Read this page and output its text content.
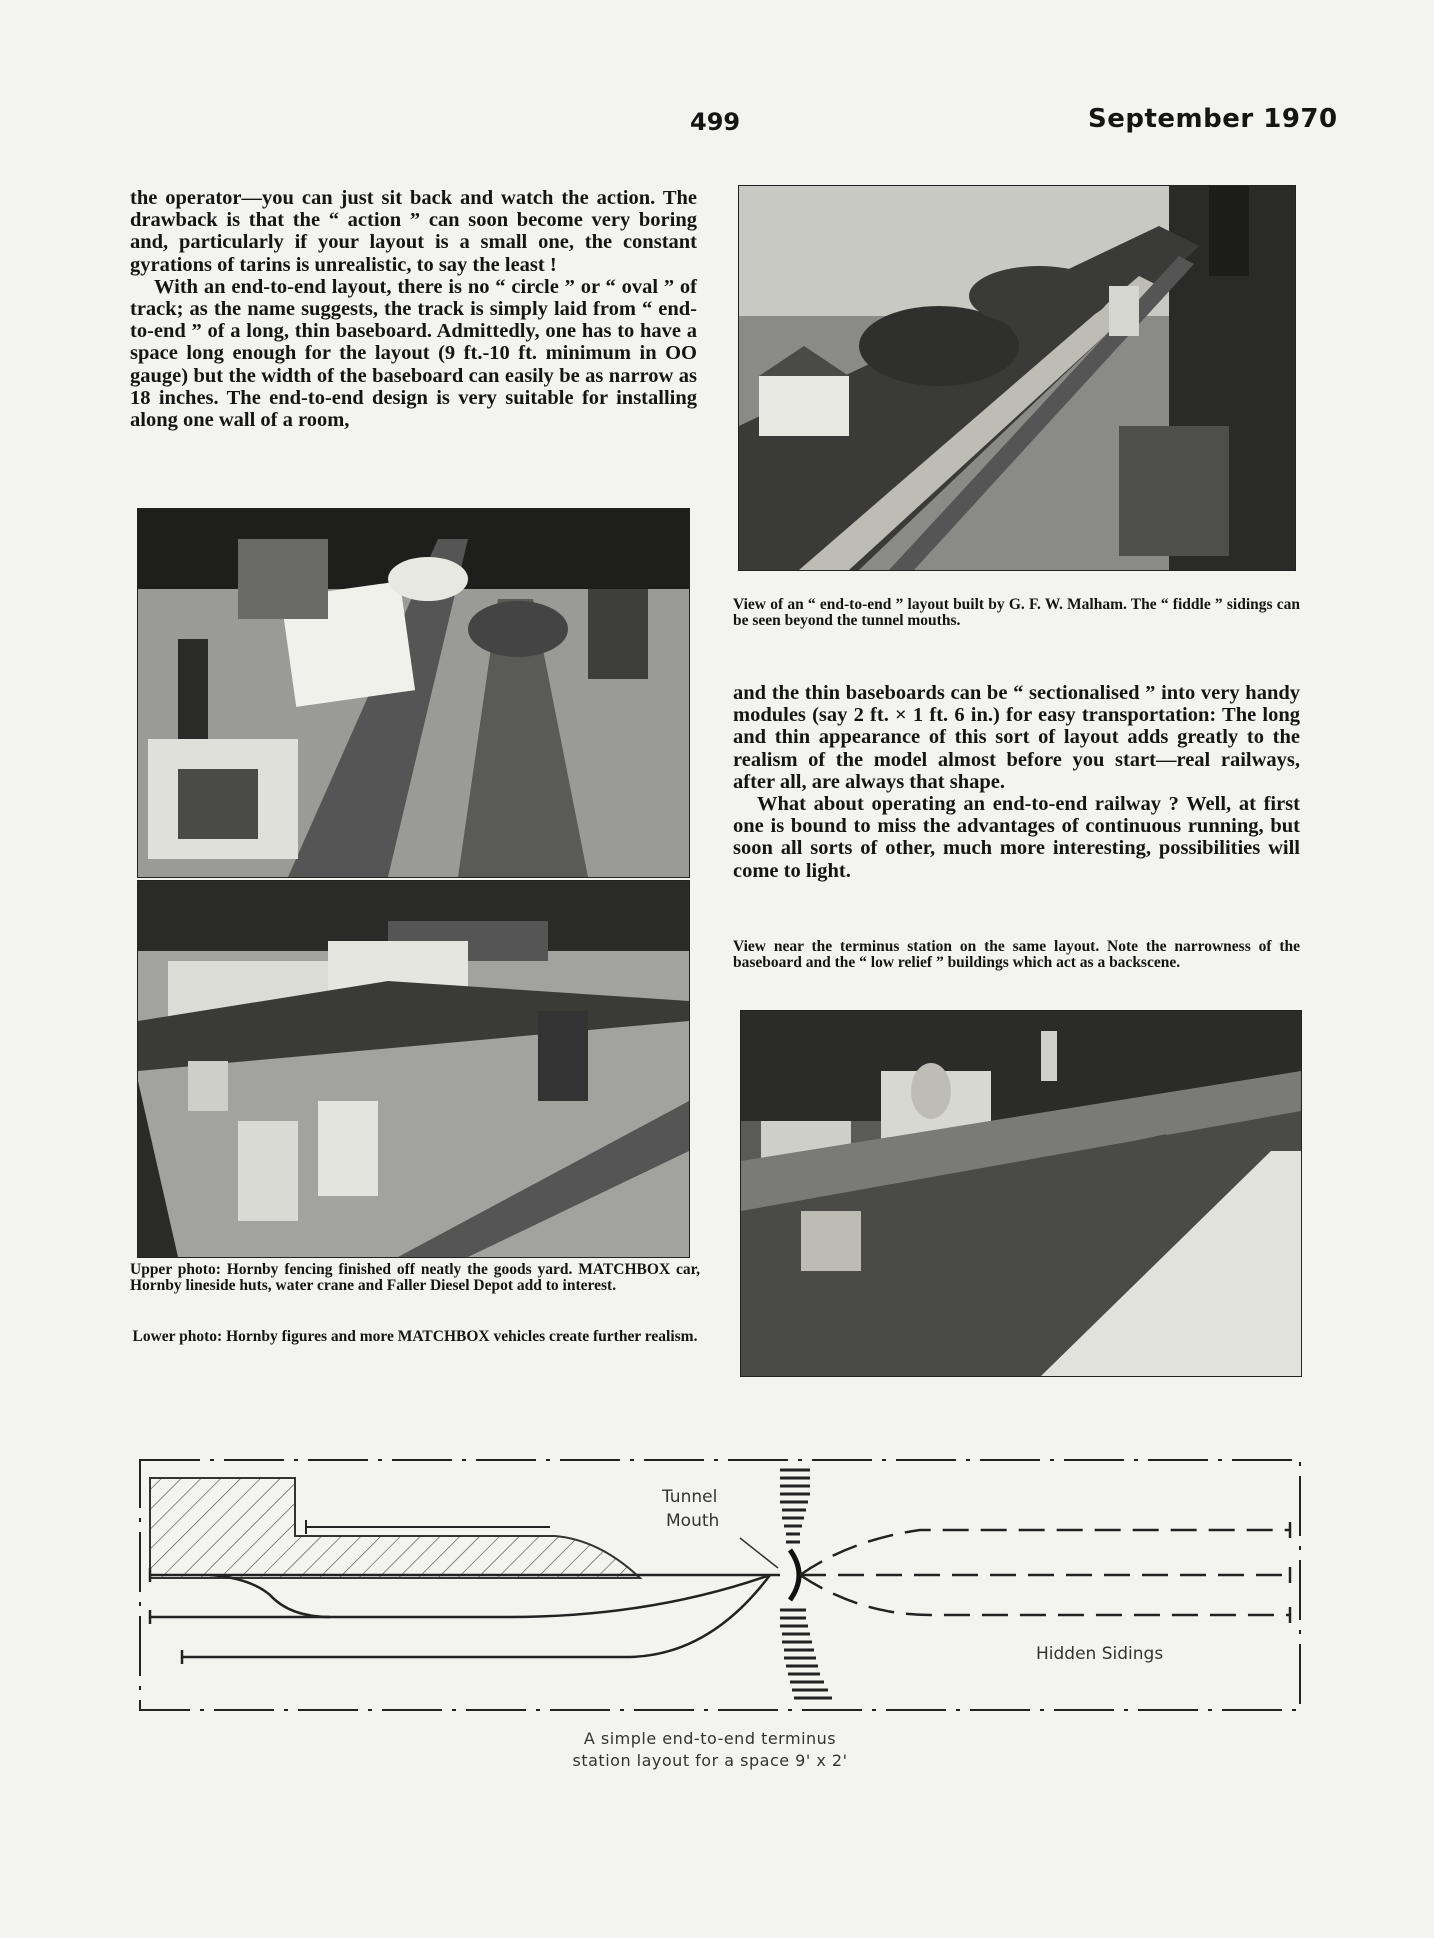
499	September 1970

the operator—you can just sit back and watch the action. The drawback is that the “ action ” can soon become very boring and, particularly if your layout is a small one, the constant gyrations of tarins is unrealistic, to say the least !

With an end-to-end layout, there is no “ circle ” or “ oval ” of track; as the name suggests, the track is simply laid from “ end-to-end ” of a long, thin baseboard. Admittedly, one has to have a space long enough for the layout (9 ft.-10 ft. minimum in OO gauge) but the width of the baseboard can easily be as narrow as 18 inches. The end-to-end design is very suitable for installing along one wall of a room,

View of an “ end-to-end ” layout built by G. F. W. Malham. The “ fiddle ” sidings can be seen beyond the tunnel mouths.

and the thin baseboards can be “ sectionalised ” into very handy modules (say 2 ft. × 1 ft. 6 in.) for easy transportation: The long and thin appearance of this sort of layout adds greatly to the realism of the model almost before you start—real railways, after all, are always that shape.

What about operating an end-to-end railway ? Well, at first one is bound to miss the advantages of continuous running, but soon all sorts of other, much more interesting, possibilities will come to light.

View near the terminus station on the same layout. Note the narrowness of the baseboard and the “ low relief ” buildings which act as a backscene.
Upper photo: Hornby fencing finished off neatly the goods yard. MATCHBOX car, Hornby lineside huts, water crane and Faller Diesel Depot add to interest.
Lower photo: Hornby figures and more MATCHBOX vehicles create further realism.
Tunnel
Mouth
Hidden Sidings
A simple end-to-end terminus
station layout for a space 9' x 2'
